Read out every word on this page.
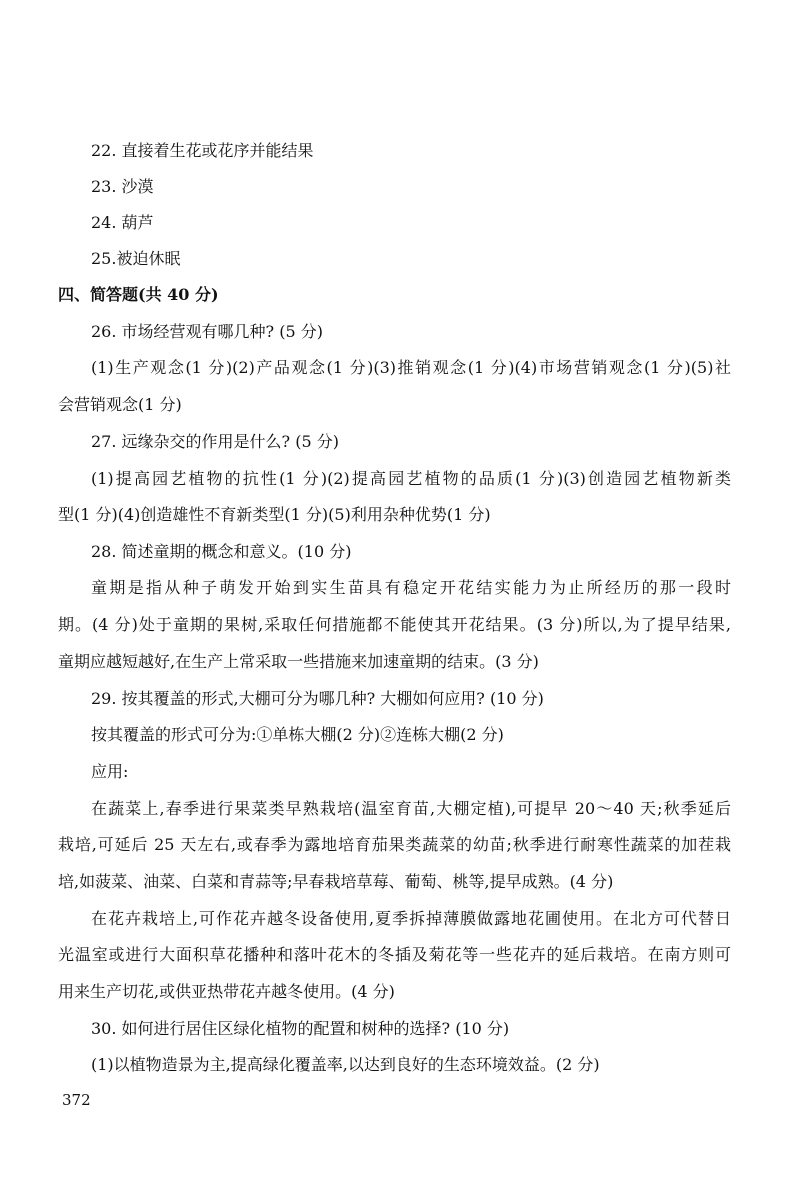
22. 直接着生花或花序并能结果

23. 沙漠

24. 葫芦

25.被迫休眠

四、简答题(共 40 分)

26. 市场经营观有哪几种? (5 分)

(1)生产观念(1 分)(2)产品观念(1 分)(3)推销观念(1 分)(4)市场营销观念(1 分)(5)社

会营销观念(1 分)

27. 远缘杂交的作用是什么? (5 分)

(1)提高园艺植物的抗性(1 分)(2)提高园艺植物的品质(1 分)(3)创造园艺植物新类

型(1 分)(4)创造雄性不育新类型(1 分)(5)利用杂种优势(1 分)

28. 简述童期的概念和意义。(10 分)

童期是指从种子萌发开始到实生苗具有稳定开花结实能力为止所经历的那一段时

期。(4 分)处于童期的果树,采取任何措施都不能使其开花结果。(3 分)所以,为了提早结果,

童期应越短越好,在生产上常采取一些措施来加速童期的结束。(3 分)

29. 按其覆盖的形式,大棚可分为哪几种? 大棚如何应用? (10 分)

按其覆盖的形式可分为:①单栋大棚(2 分)②连栋大棚(2 分)

应用:

在蔬菜上,春季进行果菜类早熟栽培(温室育苗,大棚定植),可提早 20～40 天;秋季延后

栽培,可延后 25 天左右,或春季为露地培育茄果类蔬菜的幼苗;秋季进行耐寒性蔬菜的加茬栽

培,如菠菜、油菜、白菜和青蒜等;早春栽培草莓、葡萄、桃等,提早成熟。(4 分)

在花卉栽培上,可作花卉越冬设备使用,夏季拆掉薄膜做露地花圃使用。在北方可代替日

光温室或进行大面积草花播种和落叶花木的冬插及菊花等一些花卉的延后栽培。在南方则可

用来生产切花,或供亚热带花卉越冬使用。(4 分)

30. 如何进行居住区绿化植物的配置和树种的选择? (10 分)

(1)以植物造景为主,提高绿化覆盖率,以达到良好的生态环境效益。(2 分)

372
